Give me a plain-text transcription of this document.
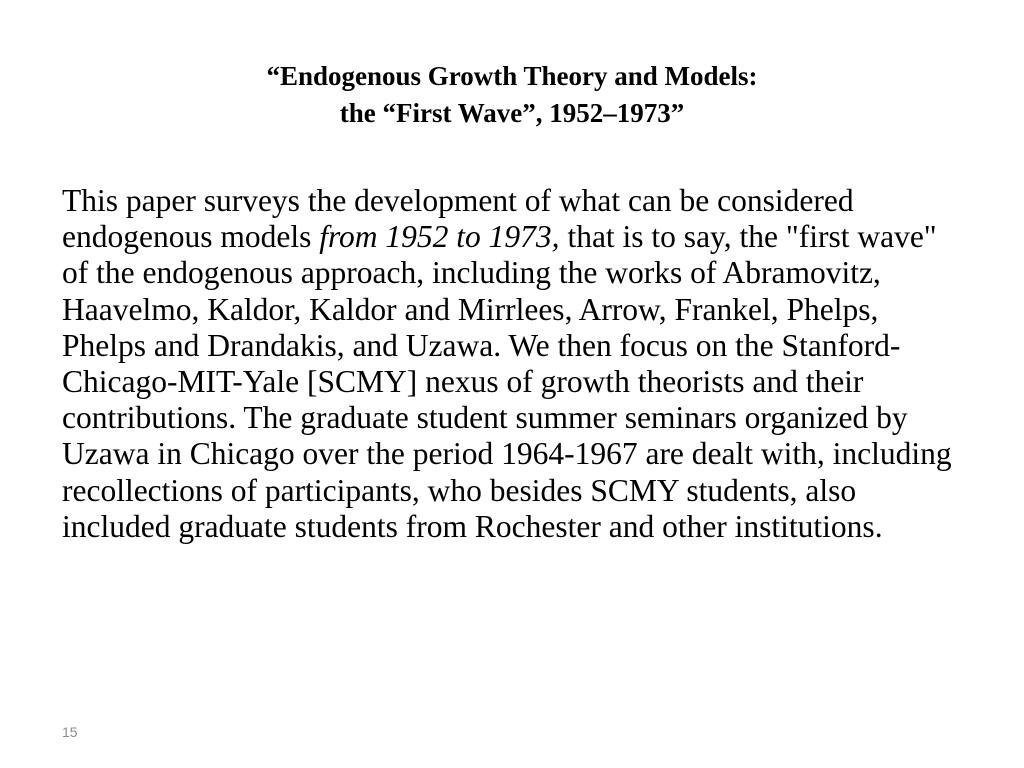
“Endogenous Growth Theory and Models:
the “First Wave”, 1952–1973”
This paper surveys the development of what can be considered endogenous models from 1952 to 1973, that is to say, the "first wave" of the endogenous approach, including the works of Abramovitz, Haavelmo, Kaldor, Kaldor and Mirrlees, Arrow, Frankel, Phelps, Phelps and Drandakis, and Uzawa. We then focus on the Stanford-Chicago-MIT-Yale [SCMY] nexus of growth theorists and their contributions. The graduate student summer seminars organized by Uzawa in Chicago over the period 1964-1967 are dealt with, including recollections of participants, who besides SCMY students, also included graduate students from Rochester and other institutions.
15
